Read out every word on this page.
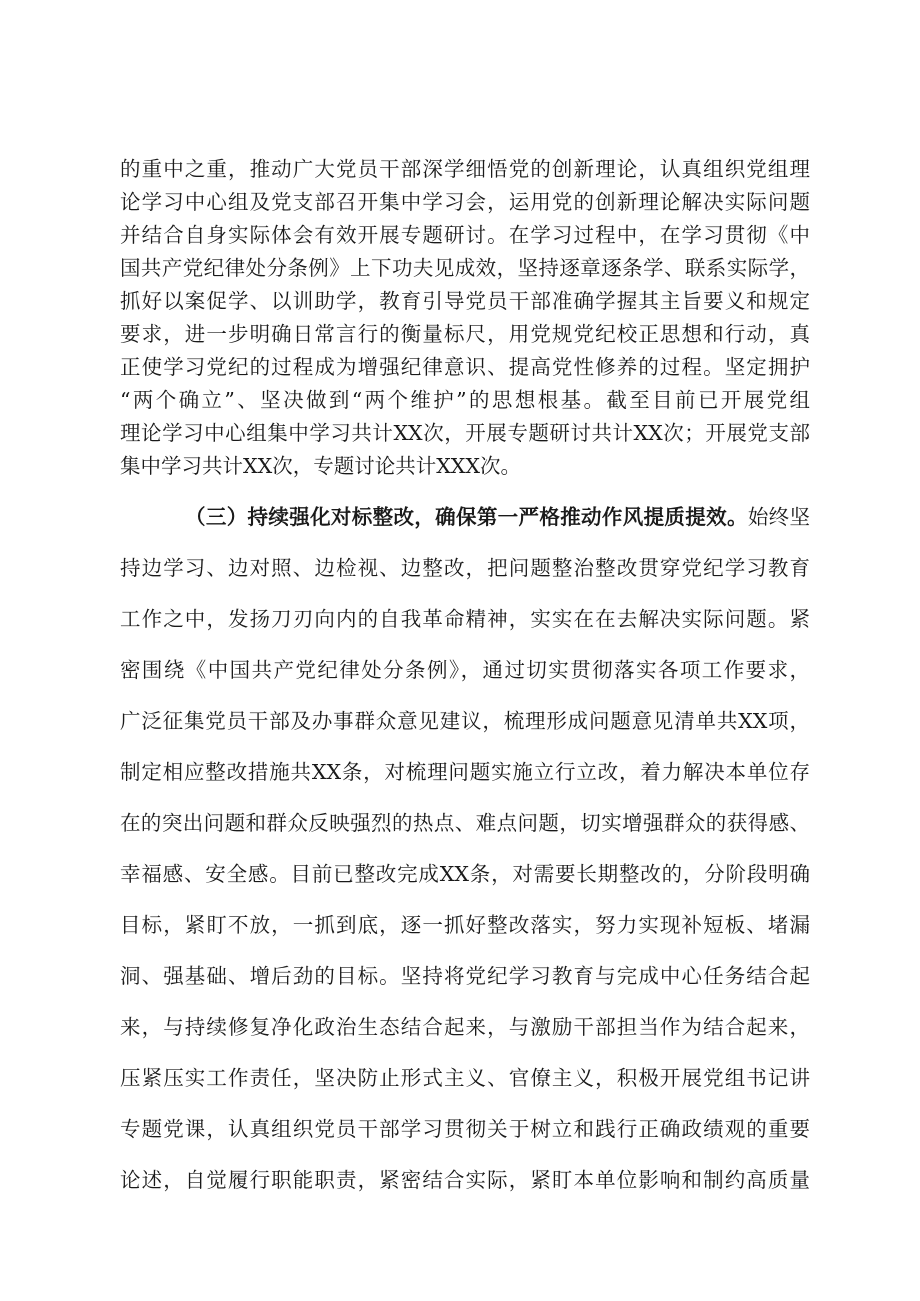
的重中之重，推动广大党员干部深学细悟党的创新理论，认真组织党组理
论学习中心组及党支部召开集中学习会，运用党的创新理论解决实际问题
并结合自身实际体会有效开展专题研讨。在学习过程中，在学习贯彻《中
国共产党纪律处分条例》上下功夫见成效，坚持逐章逐条学、联系实际学，
抓好以案促学、以训助学，教育引导党员干部准确学握其主旨要义和规定
要求，进一步明确日常言行的衡量标尺，用党规党纪校正思想和行动，真
正使学习党纪的过程成为增强纪律意识、提高党性修养的过程。坚定拥护
“两个确立”、坚决做到“两个维护”的思想根基。截至目前已开展党组
理论学习中心组集中学习共计XX次，开展专题研讨共计XX次；开展党支部
集中学习共计XX次，专题讨论共计XXX次。
（三）持续强化对标整改，确保第一严格推动作风提质提效。始终坚
持边学习、边对照、边检视、边整改，把问题整治整改贯穿党纪学习教育
工作之中，发扬刀刃向内的自我革命精神，实实在在去解决实际问题。紧
密围绕《中国共产党纪律处分条例》，通过切实贯彻落实各项工作要求，
广泛征集党员干部及办事群众意见建议，梳理形成问题意见清单共XX项，
制定相应整改措施共XX条，对梳理问题实施立行立改，着力解决本单位存
在的突出问题和群众反映强烈的热点、难点问题，切实增强群众的获得感、
幸福感、安全感。目前已整改完成XX条，对需要长期整改的，分阶段明确
目标，紧盯不放，一抓到底，逐一抓好整改落实，努力实现补短板、堵漏
洞、强基础、增后劲的目标。坚持将党纪学习教育与完成中心任务结合起
来，与持续修复净化政治生态结合起来，与激励干部担当作为结合起来，
压紧压实工作责任，坚决防止形式主义、官僚主义，积极开展党组书记讲
专题党课，认真组织党员干部学习贯彻关于树立和践行正确政绩观的重要
论述，自觉履行职能职责，紧密结合实际，紧盯本单位影响和制约高质量
